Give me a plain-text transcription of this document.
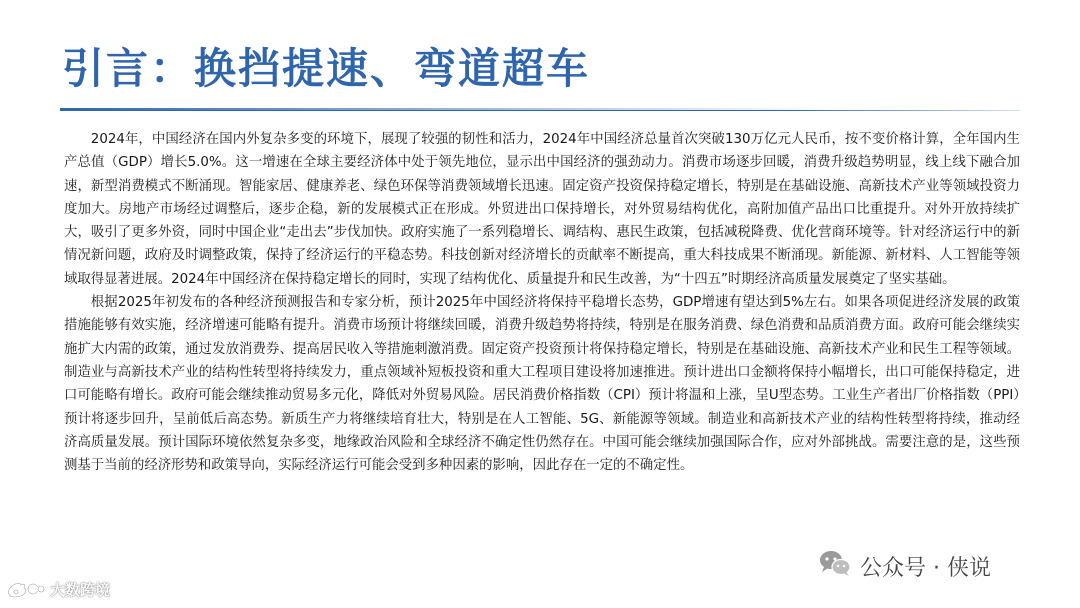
引言：换挡提速、弯道超车

2024年，中国经济在国内外复杂多变的环境下，展现了较强的韧性和活力，2024年中国经济总量首次突破130万亿元人民币，按不变价格计算，全年国内生产总值（GDP）增长5.0%。这一增速在全球主要经济体中处于领先地位，显示出中国经济的强劲动力。消费市场逐步回暖，消费升级趋势明显，线上线下融合加速，新型消费模式不断涌现。智能家居、健康养老、绿色环保等消费领域增长迅速。固定资产投资保持稳定增长，特别是在基础设施、高新技术产业等领域投资力度加大。房地产市场经过调整后，逐步企稳，新的发展模式正在形成。外贸进出口保持增长，对外贸易结构优化，高附加值产品出口比重提升。对外开放持续扩大，吸引了更多外资，同时中国企业“走出去”步伐加快。政府实施了一系列稳增长、调结构、惠民生政策，包括减税降费、优化营商环境等。针对经济运行中的新情况新问题，政府及时调整政策，保持了经济运行的平稳态势。科技创新对经济增长的贡献率不断提高，重大科技成果不断涌现。新能源、新材料、人工智能等领域取得显著进展。2024年中国经济在保持稳定增长的同时，实现了结构优化、质量提升和民生改善，为“十四五”时期经济高质量发展奠定了坚实基础。

根据2025年初发布的各种经济预测报告和专家分析，预计2025年中国经济将保持平稳增长态势，GDP增速有望达到5%左右。如果各项促进经济发展的政策措施能够有效实施，经济增速可能略有提升。消费市场预计将继续回暖，消费升级趋势将持续，特别是在服务消费、绿色消费和品质消费方面。政府可能会继续实施扩大内需的政策，通过发放消费券、提高居民收入等措施刺激消费。固定资产投资预计将保持稳定增长，特别是在基础设施、高新技术产业和民生工程等领域。制造业与高新技术产业的结构性转型将持续发力，重点领域补短板投资和重大工程项目建设将加速推进。预计进出口金额将保持小幅增长，出口可能保持稳定，进口可能略有增长。政府可能会继续推动贸易多元化，降低对外贸易风险。居民消费价格指数（CPI）预计将温和上涨，呈U型态势。工业生产者出厂价格指数（PPI）预计将逐步回升，呈前低后高态势。新质生产力将继续培育壮大，特别是在人工智能、5G、新能源等领域。制造业和高新技术产业的结构性转型将持续，推动经济高质量发展。预计国际环境依然复杂多变，地缘政治风险和全球经济不确定性仍然存在。中国可能会继续加强国际合作，应对外部挑战。需要注意的是，这些预测基于当前的经济形势和政策导向，实际经济运行可能会受到多种因素的影响，因此存在一定的不确定性。

大数跨境
公众号 · 侠说
